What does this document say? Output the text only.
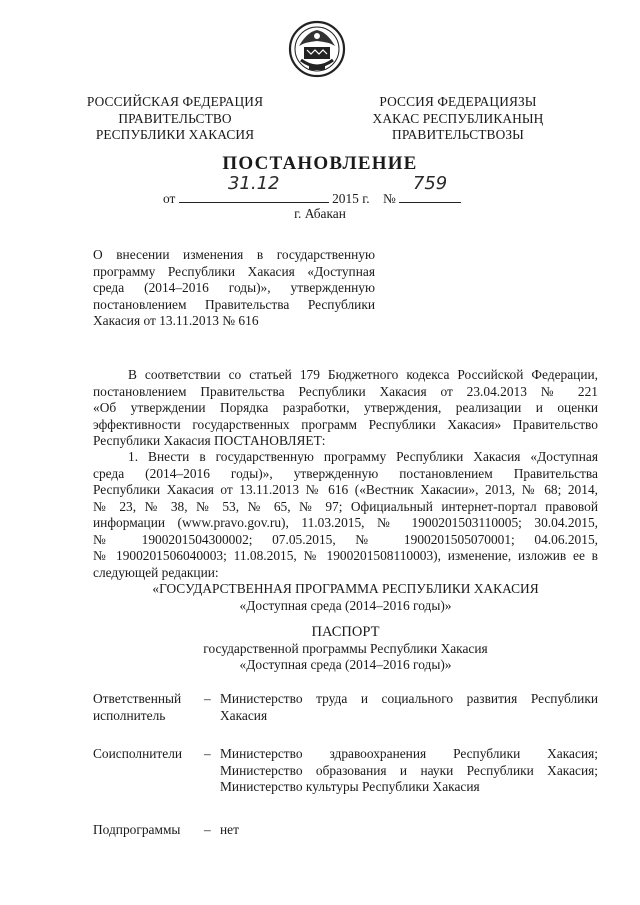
РОССИЙСКАЯ ФЕДЕРАЦИЯ
ПРАВИТЕЛЬСТВО
РЕСПУБЛИКИ ХАКАСИЯ
РОССИЯ ФЕДЕРАЦИЯЗЫ
ХАКАС РЕСПУБЛИКАНЫҢ
ПРАВИТЕЛЬСТВОЗЫ
ПОСТАНОВЛЕНИЕ
от
31.12
2015 г. №
759
г. Абакан
О внесении изменения в государственную
программу Республики Хакасия «Доступная
среда (2014–2016 годы)», утвержденную
постановлением Правительства Республики
Хакасия от 13.11.2013 № 616
В соответствии со статьей 179 Бюджетного кодекса Российской Федерации,
постановлением Правительства Республики Хакасия от 23.04.2013 № 221
«Об утверждении Порядка разработки, утверждения, реализации и оценки
эффективности государственных программ Республики Хакасия» Правительство
Республики Хакасия ПОСТАНОВЛЯЕТ:
1. Внести в государственную программу Республики Хакасия «Доступная
среда (2014–2016 годы)», утвержденную постановлением Правительства
Республики Хакасия от 13.11.2013 № 616 («Вестник Хакасии», 2013, № 68; 2014,
№ 23, № 38, № 53, № 65, № 97; Официальный интернет-портал правовой
информации (www.pravo.gov.ru), 11.03.2015, № 1900201503110005; 30.04.2015,
№ 1900201504300002; 07.05.2015, № 1900201505070001; 04.06.2015,
№ 1900201506040003; 11.08.2015, № 1900201508110003), изменение, изложив ее в
следующей редакции:
«ГОСУДАРСТВЕННАЯ ПРОГРАММА РЕСПУБЛИКИ ХАКАСИЯ
«Доступная среда (2014–2016 годы)»
ПАСПОРТ
государственной программы Республики Хакасия
«Доступная среда (2014–2016 годы)»
Ответственный
исполнитель
– Министерство труда и социального развития Республики
Хакасия
Соисполнители	– Министерство здравоохранения Республики Хакасия;
Министерство образования и науки Республики Хакасия;
Министерство культуры Республики Хакасия
Подпрограммы	– нет
